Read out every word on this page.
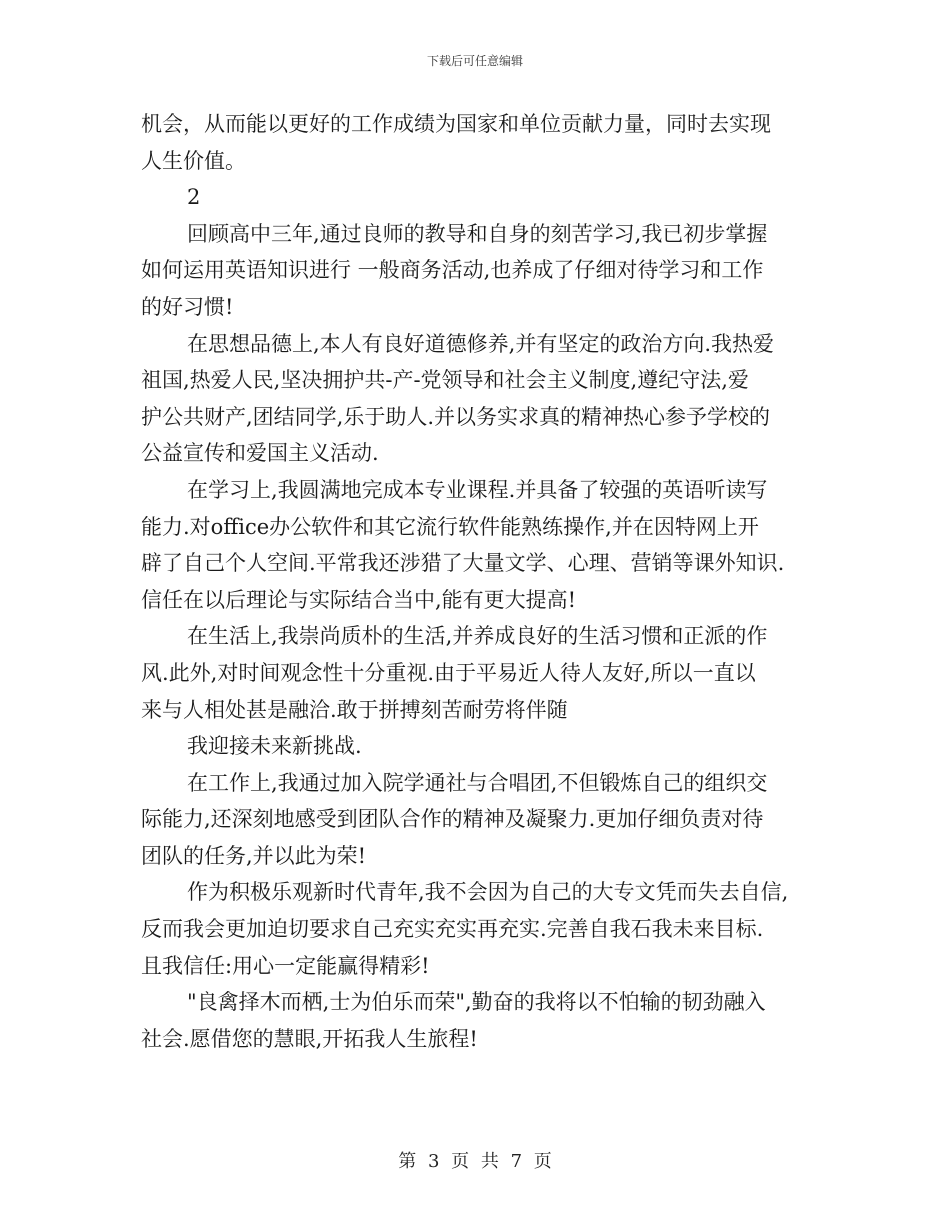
下载后可任意编辑
机会，从而能以更好的工作成绩为国家和单位贡献力量，同时去实现
人生价值。
2
回顾高中三年,通过良师的教导和自身的刻苦学习,我已初步掌握
如何运用英语知识进行 一般商务活动,也养成了仔细对待学习和工作
的好习惯!
在思想品德上,本人有良好道德修养,并有坚定的政治方向.我热爱
祖国,热爱人民,坚决拥护共-产-党领导和社会主义制度,遵纪守法,爱
护公共财产,团结同学,乐于助人.并以务实求真的精神热心参予学校的
公益宣传和爱国主义活动.
在学习上,我圆满地完成本专业课程.并具备了较强的英语听读写
能力.对office办公软件和其它流行软件能熟练操作,并在因特网上开
辟了自己个人空间.平常我还涉猎了大量文学、心理、营销等课外知识.
信任在以后理论与实际结合当中,能有更大提高!
在生活上,我崇尚质朴的生活,并养成良好的生活习惯和正派的作
风.此外,对时间观念性十分重视.由于平易近人待人友好,所以一直以
来与人相处甚是融洽.敢于拼搏刻苦耐劳将伴随
我迎接未来新挑战.
在工作上,我通过加入院学通社与合唱团,不但锻炼自己的组织交
际能力,还深刻地感受到团队合作的精神及凝聚力.更加仔细负责对待
团队的任务,并以此为荣!
作为积极乐观新时代青年,我不会因为自己的大专文凭而失去自信,
反而我会更加迫切要求自己充实充实再充实.完善自我石我未来目标.
且我信任:用心一定能赢得精彩!
"良禽择木而栖,士为伯乐而荣",勤奋的我将以不怕输的韧劲融入
社会.愿借您的慧眼,开拓我人生旅程!
第 3 页 共 7 页
